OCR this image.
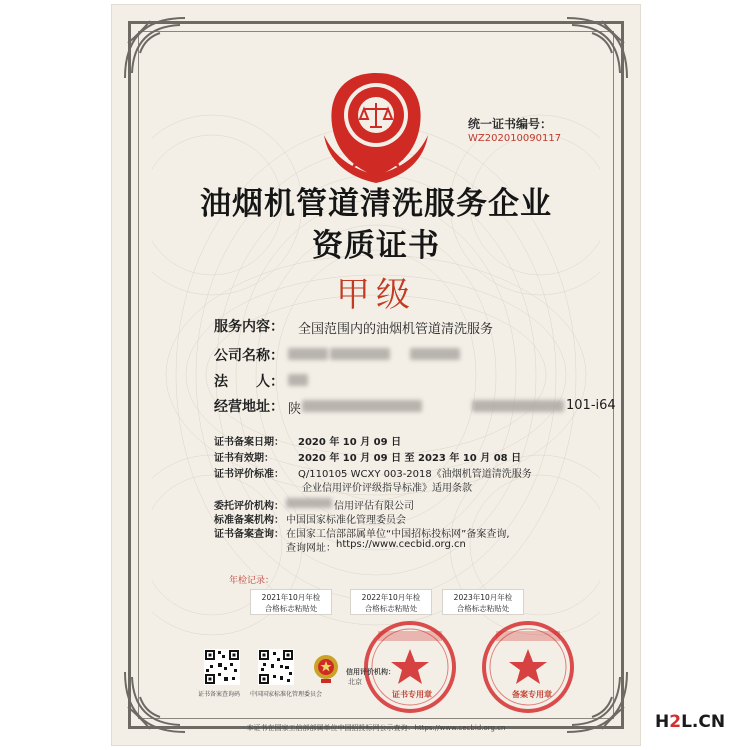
统一证书编号：
WZ202010090117
油烟机管道清洗服务企业
资质证书
甲级
服务内容： 全国范围内的油烟机管道清洗服务
公司名称：
法　　人：
经营地址： 陕	101-i64
证书备案日期： 2020 年 10 月 09 日
证书有效期： 2020 年 10 月 09 日 至 2023 年 10 月 08 日
证书评价标准： Q/110105 WCXY 003-2018《油烟机管道清洗服务
企业信用评价评级指导标准》适用条款
委托评价机构：	信用评估有限公司
标准备案机构： 中国国家标准化管理委员会
证书备案查询： 在国家工信部部属单位“中国招标投标网”备案查询,
查询网址： https://www.cecbid.org.cn
年检记录：
2021年10月年检
合格标志粘贴处
2022年10月年检
合格标志粘贴处
2023年10月年检
合格标志粘贴处
证书备案查询码 中国国家标准化管理委员会	证书专用章
信用评价机构：
北京
备案专用章
本证书在国家工信部部属单位中国招投标网公示查询：https://www.cecbid.org.cn	H2L.CN
